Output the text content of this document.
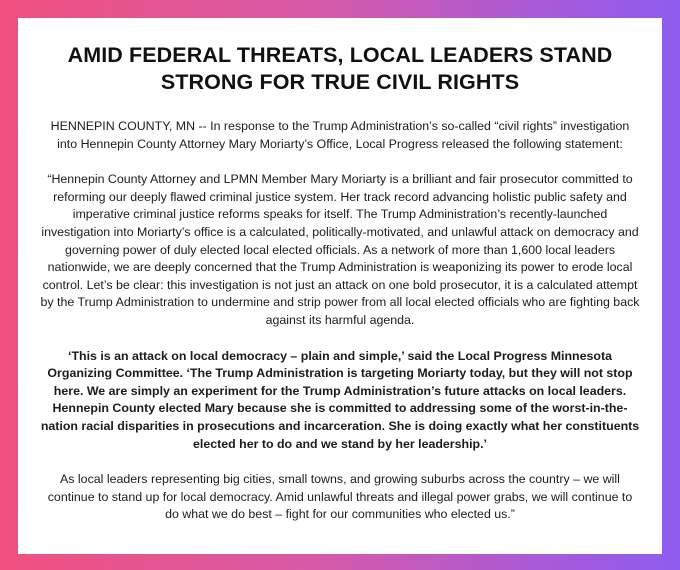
AMID FEDERAL THREATS, LOCAL LEADERS STAND STRONG FOR TRUE CIVIL RIGHTS

HENNEPIN COUNTY, MN -- In response to the Trump Administration’s so-called “civil rights” investigation into Hennepin County Attorney Mary Moriarty’s Office, Local Progress released the following statement:

“Hennepin County Attorney and LPMN Member Mary Moriarty is a brilliant and fair prosecutor committed to reforming our deeply flawed criminal justice system. Her track record advancing holistic public safety and imperative criminal justice reforms speaks for itself. The Trump Administration’s recently-launched investigation into Moriarty’s office is a calculated, politically-motivated, and unlawful attack on democracy and governing power of duly elected local elected officials. As a network of more than 1,600 local leaders nationwide, we are deeply concerned that the Trump Administration is weaponizing its power to erode local control. Let’s be clear: this investigation is not just an attack on one bold prosecutor, it is a calculated attempt by the Trump Administration to undermine and strip power from all local elected officials who are fighting back against its harmful agenda.

‘This is an attack on local democracy – plain and simple,’ said the Local Progress Minnesota Organizing Committee. ‘The Trump Administration is targeting Moriarty today, but they will not stop here. We are simply an experiment for the Trump Administration’s future attacks on local leaders. Hennepin County elected Mary because she is committed to addressing some of the worst-in-the-nation racial disparities in prosecutions and incarceration. She is doing exactly what her constituents elected her to do and we stand by her leadership.’

As local leaders representing big cities, small towns, and growing suburbs across the country – we will continue to stand up for local democracy. Amid unlawful threats and illegal power grabs, we will continue to do what we do best – fight for our communities who elected us.”
